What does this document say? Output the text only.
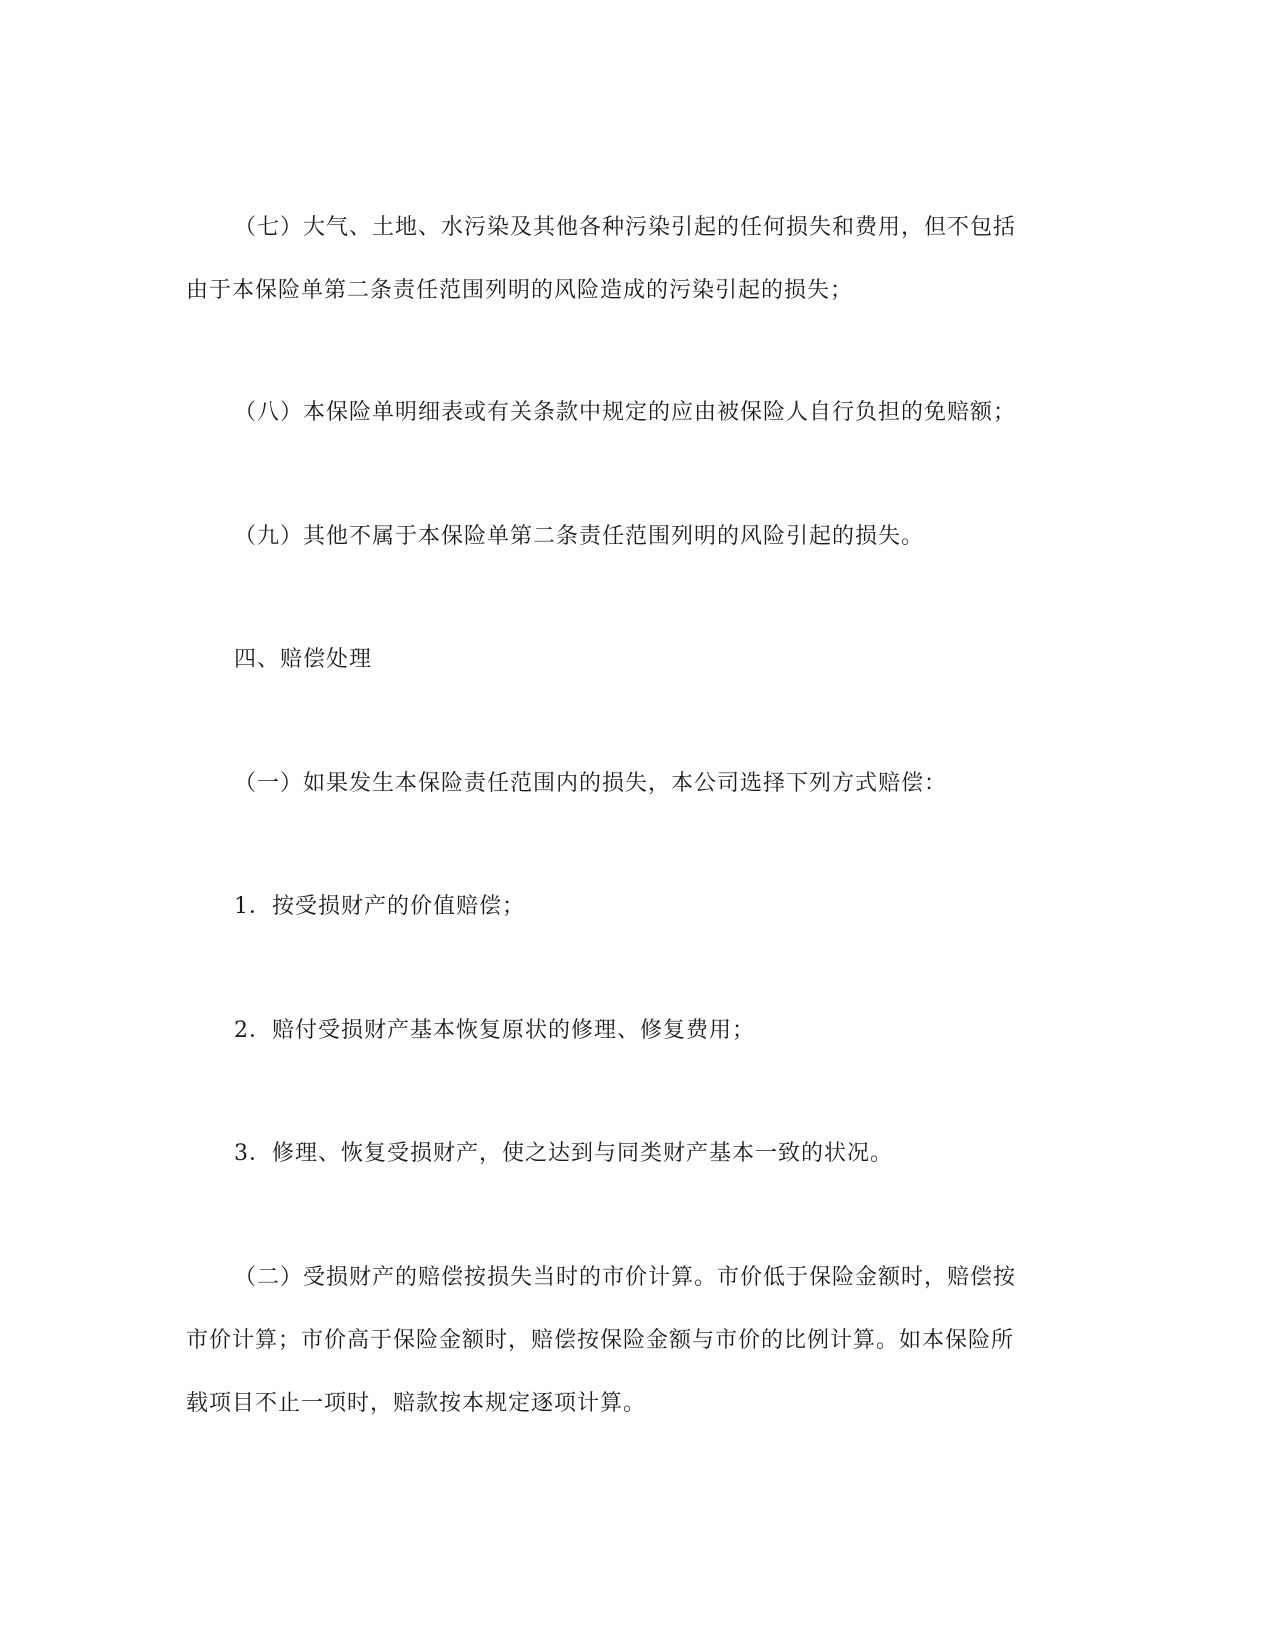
（七）大气、土地、水污染及其他各种污染引起的任何损失和费用，但不包括
由于本保险单第二条责任范围列明的风险造成的污染引起的损失；

（八）本保险单明细表或有关条款中规定的应由被保险人自行负担的免赔额；

（九）其他不属于本保险单第二条责任范围列明的风险引起的损失。

四、赔偿处理

（一）如果发生本保险责任范围内的损失，本公司选择下列方式赔偿：

1．按受损财产的价值赔偿；

2．赔付受损财产基本恢复原状的修理、修复费用；

3．修理、恢复受损财产，使之达到与同类财产基本一致的状况。

（二）受损财产的赔偿按损失当时的市价计算。市价低于保险金额时，赔偿按
市价计算；市价高于保险金额时，赔偿按保险金额与市价的比例计算。如本保险所
载项目不止一项时，赔款按本规定逐项计算。
